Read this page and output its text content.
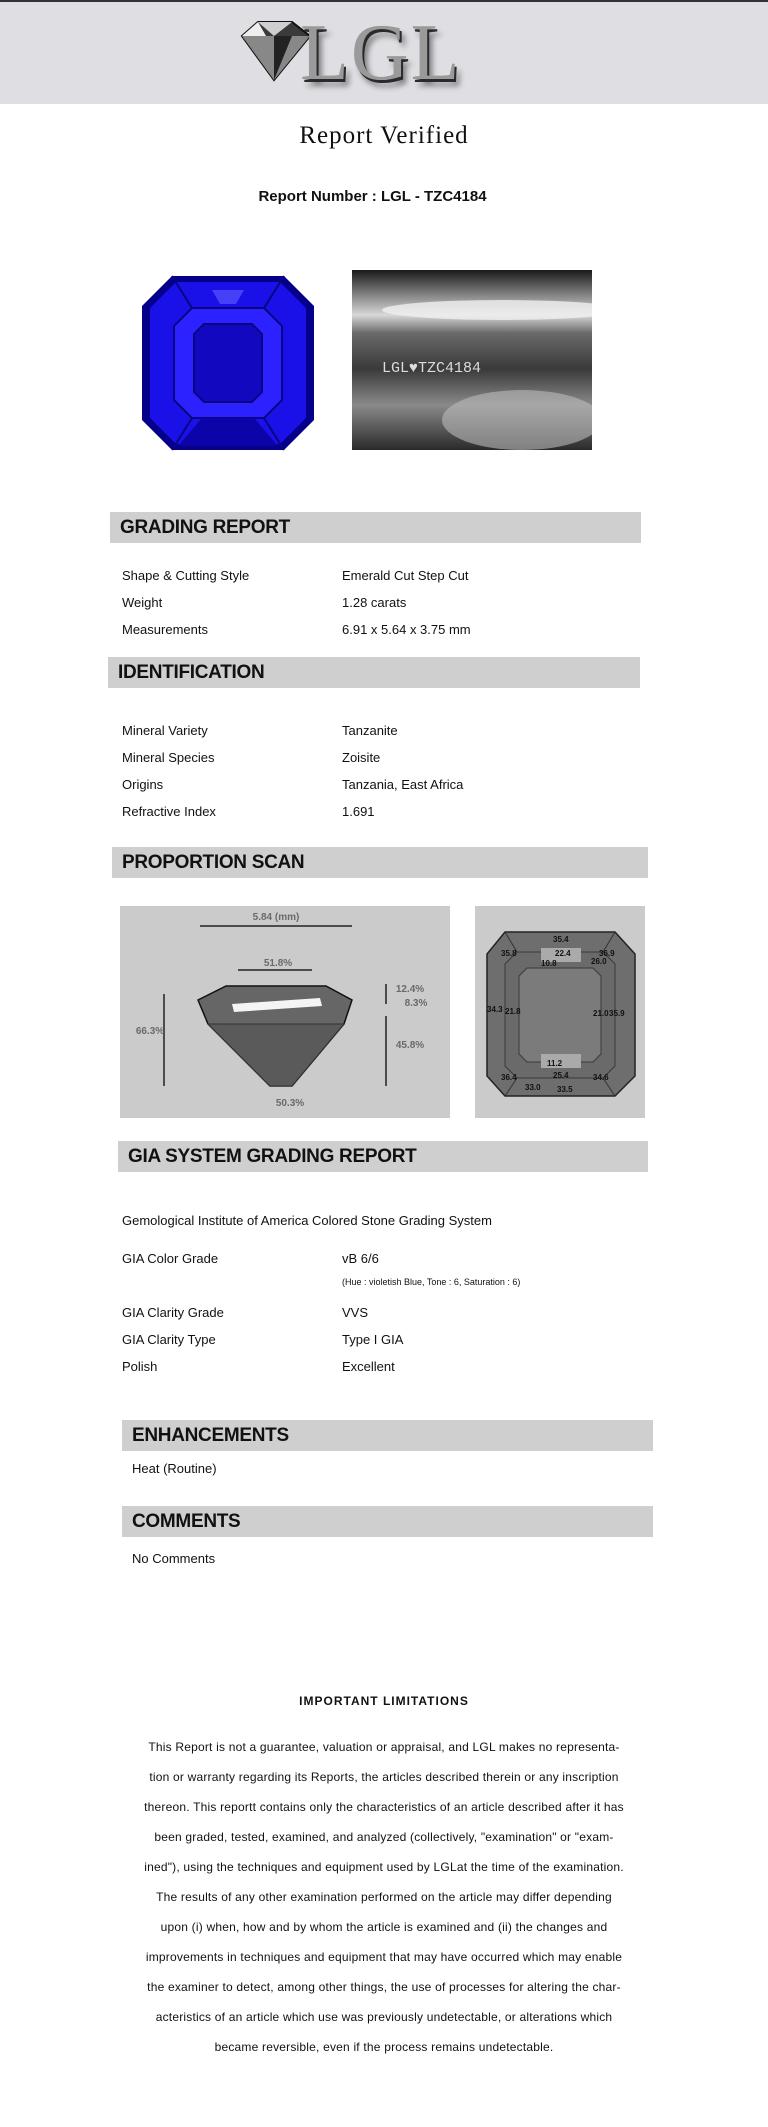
LGL
Report Verified
Report Number : LGL - TZC4184
LGL♥TZC4184
GRADING REPORT
Shape & Cutting Style	Emerald Cut Step Cut
Weight	1.28 carats
Measurements	6.91 x 5.64 x 3.75 mm
IDENTIFICATION
Mineral Variety	Tanzanite
Mineral Species	Zoisite
Origins	Tanzania, East Africa
Refractive Index	1.691
PROPORTION SCAN
5.84 (mm)
51.8%
66.3%
12.4%
8.3%
45.8%
50.3%
35.4
35.8	22.4	36.9
10.8	26.0
34.3 21.8	21.0 35.9
11.2
36.4	25.4	34.6
33.0 33.5
GIA SYSTEM GRADING REPORT
Gemological Institute of America Colored Stone Grading System
GIA Color Grade	vB 6/6
(Hue : violetish Blue, Tone : 6, Saturation : 6)
GIA Clarity Grade	VVS
GIA Clarity Type	Type I GIA
Polish	Excellent
ENHANCEMENTS
Heat (Routine)
COMMENTS
No Comments
IMPORTANT LIMITATIONS
This Report is not a guarantee, valuation or appraisal, and LGL makes no representa-
tion or warranty regarding its Reports, the articles described therein or any inscription
thereon. This reportt contains only the characteristics of an article described after it has
been graded, tested, examined, and analyzed (collectively, "examination" or "exam-
ined"), using the techniques and equipment used by LGLat the time of the examination.
The results of any other examination performed on the article may differ depending
upon (i) when, how and by whom the article is examined and (ii) the changes and
improvements in techniques and equipment that may have occurred which may enable
the examiner to detect, among other things, the use of processes for altering the char-
acteristics of an article which use was previously undetectable, or alterations which
became reversible, even if the process remains undetectable.
